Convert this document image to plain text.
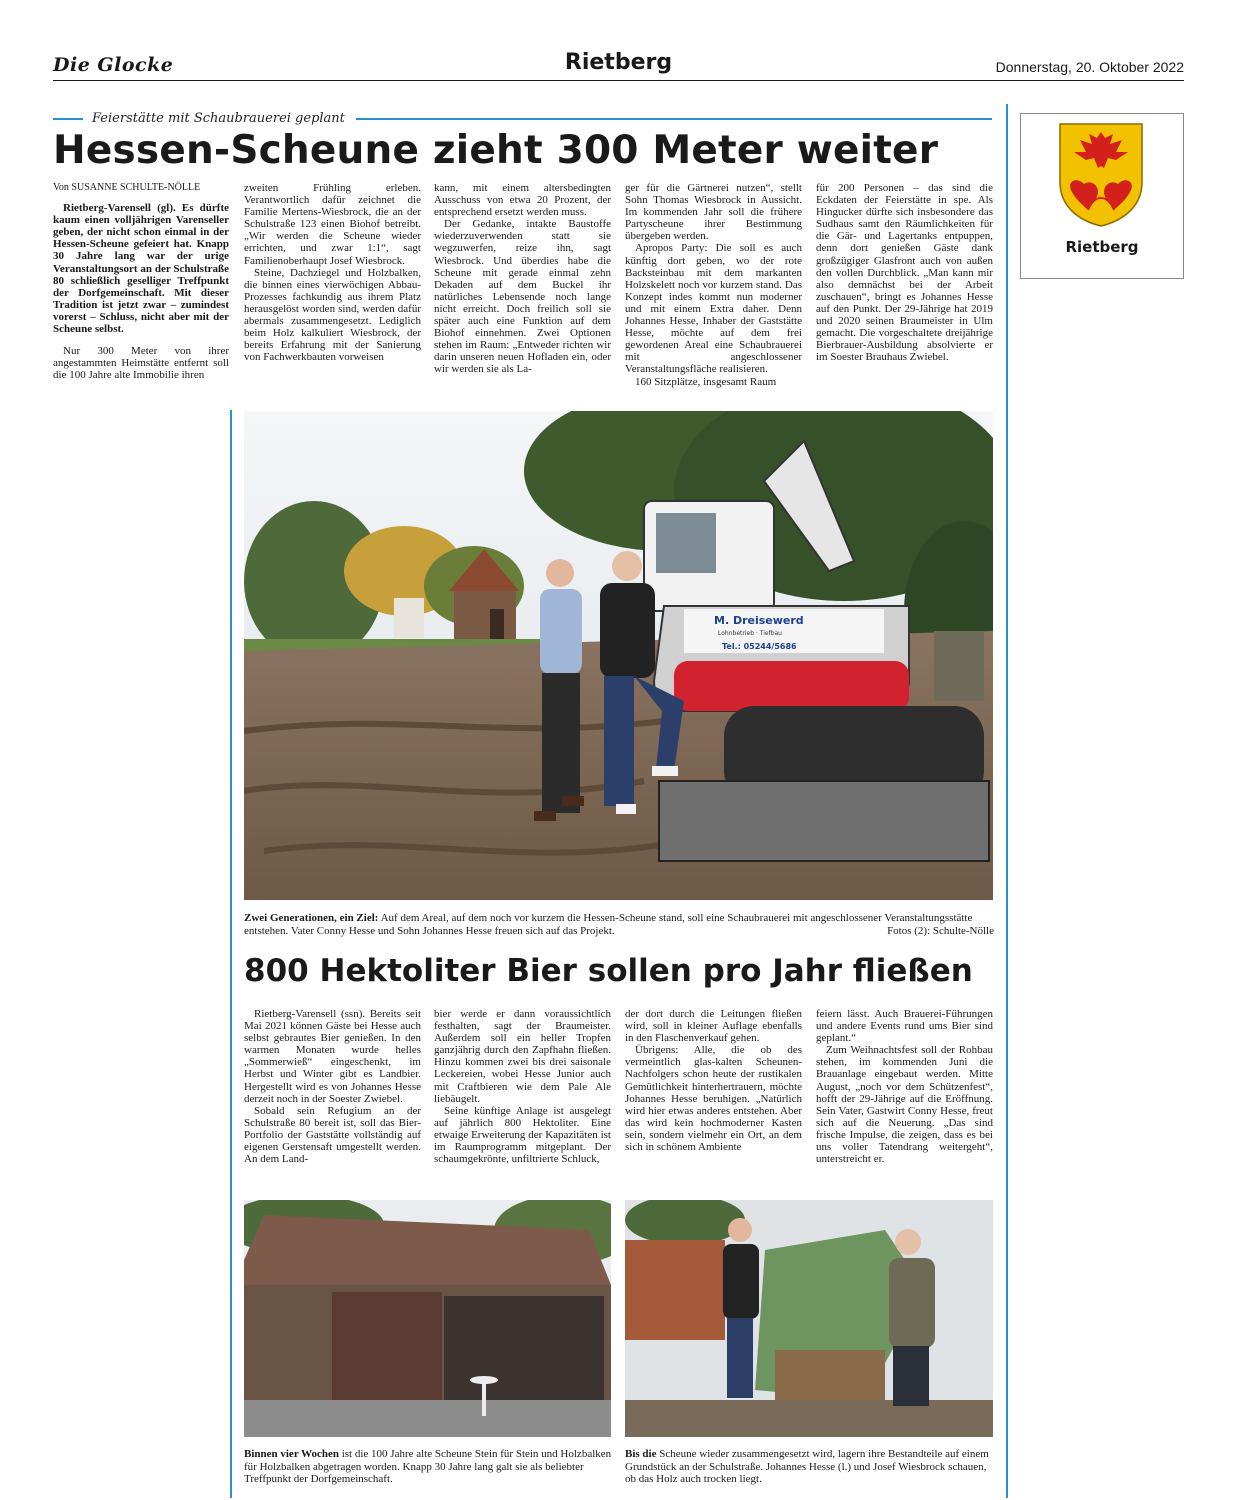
Die Glocke	Rietberg	Donnerstag, 20. Oktober 2022
Feierstätte mit Schaubrauerei geplant
Hessen-Scheune zieht 300 Meter weiter

Von SUSANNE SCHULTE-NÖLLE

Rietberg-Varensell (gl). Es dürfte kaum einen volljährigen Varenseller geben, der nicht schon einmal in der Hessen-Scheune gefeiert hat. Knapp 30 Jahre lang war der urige Veranstaltungsort an der Schulstraße 80 schließlich geselliger Treffpunkt der Dorfgemeinschaft. Mit dieser Tradition ist jetzt zwar – zumindest vorerst – Schluss, nicht aber mit der Scheune selbst.

Nur 300 Meter von ihrer angestammten Heimstätte entfernt soll die 100 Jahre alte Immobilie ihren

zweiten Frühling erleben. Verantwortlich dafür zeichnet die Familie Mertens-Wiesbrock, die an der Schulstraße 123 einen Biohof betreibt. „Wir werden die Scheune wieder errichten, und zwar 1:1“, sagt Familienoberhaupt Josef Wiesbrock.

Steine, Dachziegel und Holzbalken, die binnen eines vierwöchigen Abbau-Prozesses fachkundig aus ihrem Platz herausgelöst worden sind, werden dafür abermals zusammengesetzt. Lediglich beim Holz kalkuliert Wiesbrock, der bereits Erfahrung mit der Sanierung von Fachwerkbauten vorweisen

kann, mit einem altersbedingten Ausschuss von etwa 20 Prozent, der entsprechend ersetzt werden muss.

Der Gedanke, intakte Baustoffe wiederzuverwenden statt sie wegzuwerfen, reize ihn, sagt Wiesbrock. Und überdies habe die Scheune mit gerade einmal zehn Dekaden auf dem Buckel ihr natürliches Lebensende noch lange nicht erreicht. Doch freilich soll sie später auch eine Funktion auf dem Biohof einnehmen. Zwei Optionen stehen im Raum: „Entweder richten wir darin unseren neuen Hofladen ein, oder wir werden sie als La-

ger für die Gärtnerei nutzen“, stellt Sohn Thomas Wiesbrock in Aussicht. Im kommenden Jahr soll die frühere Partyscheune ihrer Bestimmung übergeben werden.

Apropos Party: Die soll es auch künftig dort geben, wo der rote Backsteinbau mit dem markanten Holzskelett noch vor kurzem stand. Das Konzept indes kommt nun moderner und mit einem Extra daher. Denn Johannes Hesse, Inhaber der Gaststätte Hesse, möchte auf dem frei gewordenen Areal eine Schaubrauerei mit angeschlossener Veranstaltungsfläche realisieren.

160 Sitzplätze, insgesamt Raum

für 200 Personen – das sind die Eckdaten der Feierstätte in spe. Als Hingucker dürfte sich insbesondere das Sudhaus samt den Räumlichkeiten für die Gär- und Lagertanks entpuppen, denn dort genießen Gäste dank großzügiger Glasfront auch von außen den vollen Durchblick. „Man kann mir also demnächst bei der Arbeit zuschauen“, bringt es Johannes Hesse auf den Punkt. Der 29-Jährige hat 2019 und 2020 seinen Braumeister in Ulm gemacht. Die vorgeschaltete dreijährige Bierbrauer-Ausbildung absolvierte er im Soester Brauhaus Zwiebel.

Rietberg
M. Dreisewerd
Lohnbetrieb · Tiefbau
Tel.: 05244/5686
Zwei Generationen, ein Ziel: Auf dem Areal, auf dem noch vor kurzem die Hessen-Scheune stand, soll eine Schaubrauerei mit angeschlossener Veranstaltungsstätte entstehen. Vater Conny Hesse und Sohn Johannes Hesse freuen sich auf das Projekt.	Fotos (2): Schulte-Nölle
800 Hektoliter Bier sollen pro Jahr fließen

Rietberg-Varensell (ssn). Bereits seit Mai 2021 können Gäste bei Hesse auch selbst gebrautes Bier genießen. In den warmen Monaten wurde helles „Sommerwieß“ eingeschenkt, im Herbst und Winter gibt es Landbier. Hergestellt wird es von Johannes Hesse derzeit noch in der Soester Zwiebel.

Sobald sein Refugium an der Schulstraße 80 bereit ist, soll das Bier-Portfolio der Gaststätte vollständig auf eigenen Gerstensaft umgestellt werden. An dem Land-

bier werde er dann voraussichtlich festhalten, sagt der Braumeister. Außerdem soll ein heller Tropfen ganzjährig durch den Zapfhahn fließen. Hinzu kommen zwei bis drei saisonale Leckereien, wobei Hesse Junior auch mit Craftbieren wie dem Pale Ale liebäugelt.

Seine künftige Anlage ist ausgelegt auf jährlich 800 Hektoliter. Eine etwaige Erweiterung der Kapazitäten ist im Raumprogramm mitgeplant. Der schaumgekrönte, unfiltrierte Schluck,

der dort durch die Leitungen fließen wird, soll in kleiner Auflage ebenfalls in den Flaschenverkauf gehen.

Übrigens: Alle, die ob des vermeintlich glas-kalten Scheunen-Nachfolgers schon heute der rustikalen Gemütlichkeit hinterhertrauern, möchte Johannes Hesse beruhigen. „Natürlich wird hier etwas anderes entstehen. Aber das wird kein hochmoderner Kasten sein, sondern vielmehr ein Ort, an dem sich in schönem Ambiente

feiern lässt. Auch Brauerei-Führungen und andere Events rund ums Bier sind geplant.“

Zum Weihnachtsfest soll der Rohbau stehen, im kommenden Juni die Brauanlage eingebaut werden. Mitte August, „noch vor dem Schützenfest“, hofft der 29-Jährige auf die Eröffnung. Sein Vater, Gastwirt Conny Hesse, freut sich auf die Neuerung. „Das sind frische Impulse, die zeigen, dass es bei uns voller Tatendrang weitergeht“, unterstreicht er.

Binnen vier Wochen ist die 100 Jahre alte Scheune Stein für Stein und Holzbalken für Holzbalken abgetragen worden. Knapp 30 Jahre lang galt sie als beliebter Treffpunkt der Dorfgemeinschaft.
Bis die Scheune wieder zusammengesetzt wird, lagern ihre Bestandteile auf einem Grundstück an der Schulstraße. Johannes Hesse (l.) und Josef Wiesbrock schauen, ob das Holz auch trocken liegt.
